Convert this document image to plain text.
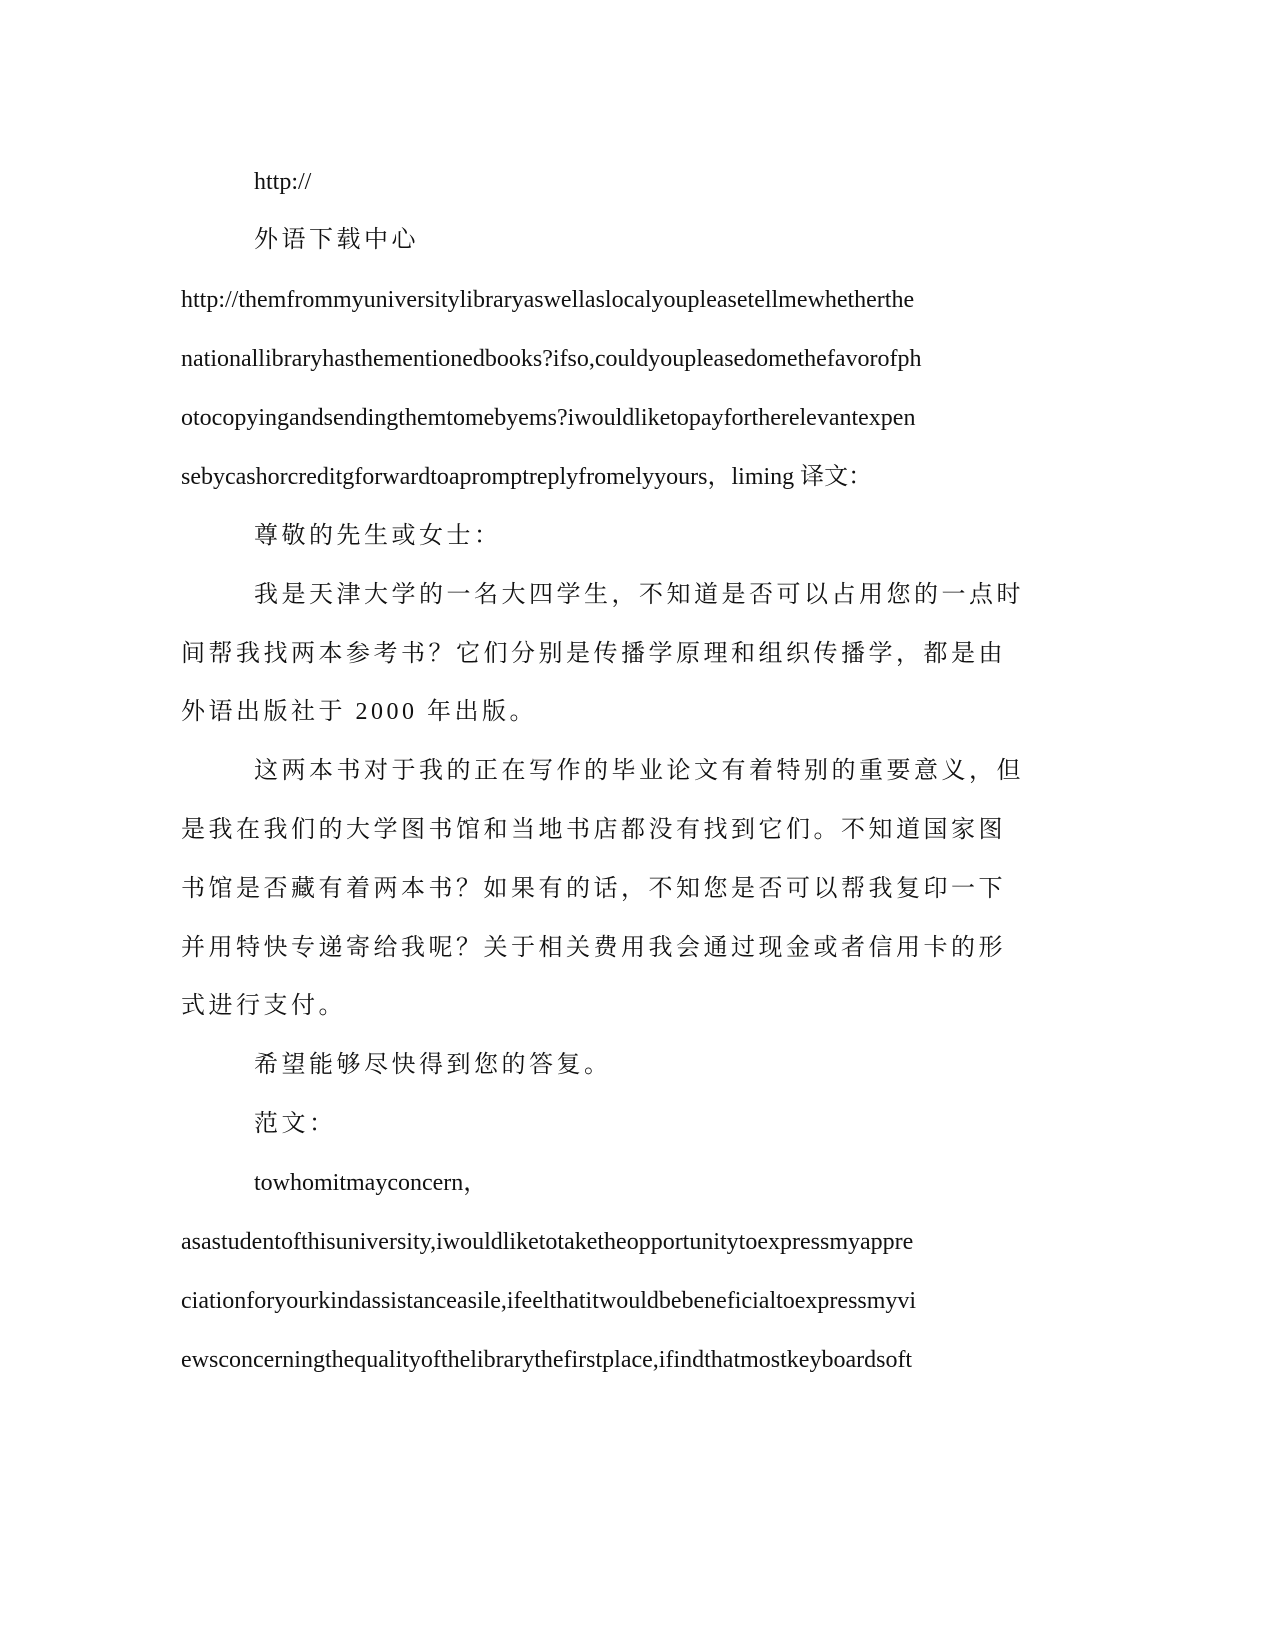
http://
外语下载中心
http://themfrommyuniversitylibraryaswellaslocalyoupleasetellmewhetherthe
nationallibraryhasthementionedbooks?ifso,couldyoupleasedomethefavorofph
otocopyingandsendingthemtomebyems?iwouldliketopayfortherelevantexpen
sebycashorcreditgforwardtoapromptreplyfromelyyours，liming 译文：
尊敬的先生或女士：
我是天津大学的一名大四学生，不知道是否可以占用您的一点时
间帮我找两本参考书？它们分别是传播学原理和组织传播学，都是由
外语出版社于 2000 年出版。
这两本书对于我的正在写作的毕业论文有着特别的重要意义，但
是我在我们的大学图书馆和当地书店都没有找到它们。不知道国家图
书馆是否藏有着两本书？如果有的话，不知您是否可以帮我复印一下
并用特快专递寄给我呢？关于相关费用我会通过现金或者信用卡的形
式进行支付。
希望能够尽快得到您的答复。
范文：
towhomitmayconcern，
asastudentofthisuniversity,iwouldliketotaketheopportunitytoexpressmyappre
ciationforyourkindassistanceasile,ifeelthatitwouldbebeneficialtoexpressmyvi
ewsconcerningthequalityofthelibrarythefirstplace,ifindthatmostkeyboardsoft
